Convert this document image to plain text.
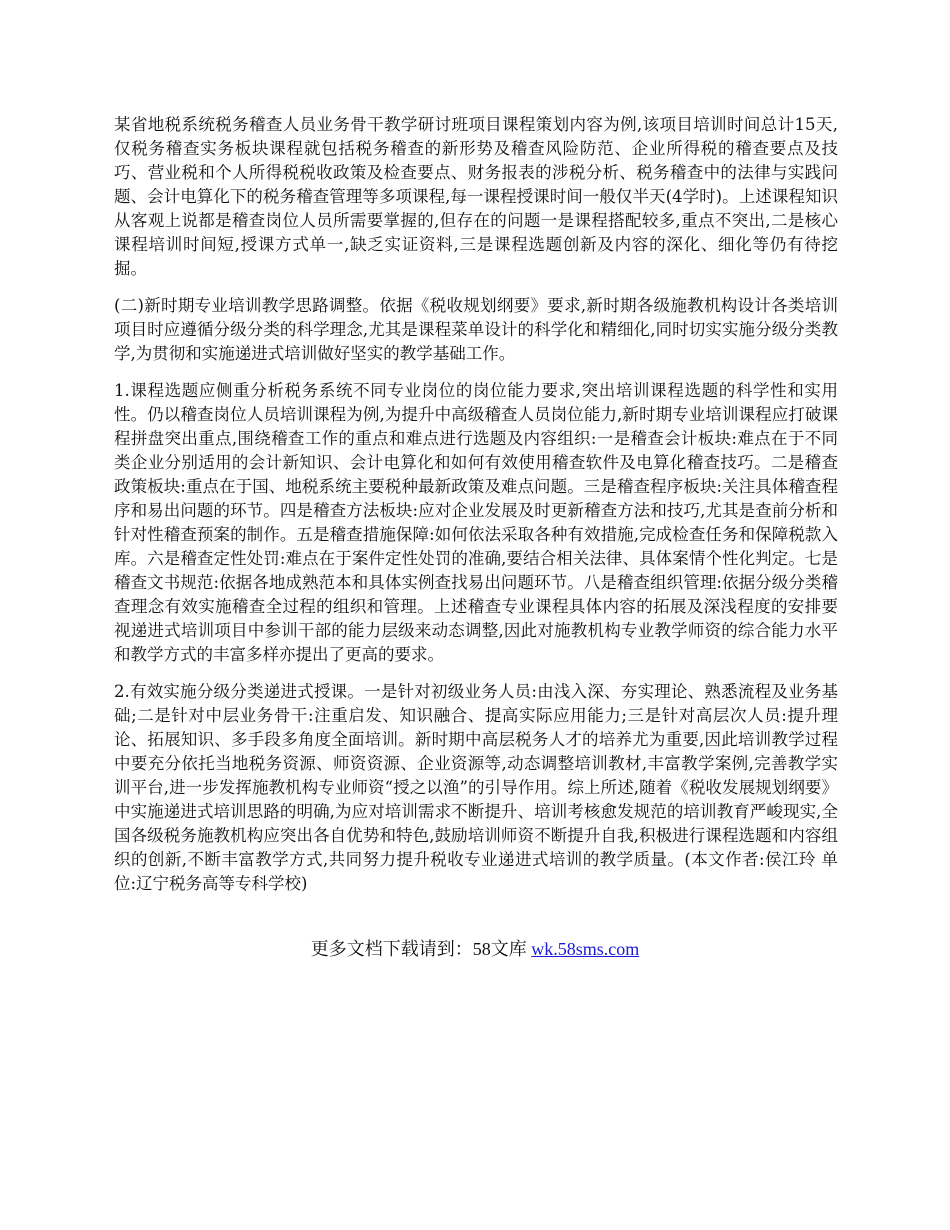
某省地税系统税务稽查人员业务骨干教学研讨班项目课程策划内容为例,该项目培训时间总计15天,仅税务稽查实务板块课程就包括税务稽查的新形势及稽查风险防范、企业所得税的稽查要点及技巧、营业税和个人所得税税收政策及检查要点、财务报表的涉税分析、税务稽查中的法律与实践问题、会计电算化下的税务稽查管理等多项课程,每一课程授课时间一般仅半天(4学时)。上述课程知识从客观上说都是稽查岗位人员所需要掌握的,但存在的问题一是课程搭配较多,重点不突出,二是核心课程培训时间短,授课方式单一,缺乏实证资料,三是课程选题创新及内容的深化、细化等仍有待挖掘。

(二)新时期专业培训教学思路调整。依据《税收规划纲要》要求,新时期各级施教机构设计各类培训项目时应遵循分级分类的科学理念,尤其是课程菜单设计的科学化和精细化,同时切实实施分级分类教学,为贯彻和实施递进式培训做好坚实的教学基础工作。

1.课程选题应侧重分析税务系统不同专业岗位的岗位能力要求,突出培训课程选题的科学性和实用性。仍以稽查岗位人员培训课程为例,为提升中高级稽查人员岗位能力,新时期专业培训课程应打破课程拼盘突出重点,围绕稽查工作的重点和难点进行选题及内容组织:一是稽查会计板块:难点在于不同类企业分别适用的会计新知识、会计电算化和如何有效使用稽查软件及电算化稽查技巧。二是稽查政策板块:重点在于国、地税系统主要税种最新政策及难点问题。三是稽查程序板块:关注具体稽查程序和易出问题的环节。四是稽查方法板块:应对企业发展及时更新稽查方法和技巧,尤其是查前分析和针对性稽查预案的制作。五是稽查措施保障:如何依法采取各种有效措施,完成检查任务和保障税款入库。六是稽查定性处罚:难点在于案件定性处罚的准确,要结合相关法律、具体案情个性化判定。七是稽查文书规范:依据各地成熟范本和具体实例查找易出问题环节。八是稽查组织管理:依据分级分类稽查理念有效实施稽查全过程的组织和管理。上述稽查专业课程具体内容的拓展及深浅程度的安排要视递进式培训项目中参训干部的能力层级来动态调整,因此对施教机构专业教学师资的综合能力水平和教学方式的丰富多样亦提出了更高的要求。

2.有效实施分级分类递进式授课。一是针对初级业务人员:由浅入深、夯实理论、熟悉流程及业务基础;二是针对中层业务骨干:注重启发、知识融合、提高实际应用能力;三是针对高层次人员:提升理论、拓展知识、多手段多角度全面培训。新时期中高层税务人才的培养尤为重要,因此培训教学过程中要充分依托当地税务资源、师资资源、企业资源等,动态调整培训教材,丰富教学案例,完善教学实训平台,进一步发挥施教机构专业师资“授之以渔”的引导作用。综上所述,随着《税收发展规划纲要》中实施递进式培训思路的明确,为应对培训需求不断提升、培训考核愈发规范的培训教育严峻现实,全国各级税务施教机构应突出各自优势和特色,鼓励培训师资不断提升自我,积极进行课程选题和内容组织的创新,不断丰富教学方式,共同努力提升税收专业递进式培训的教学质量。(本文作者:侯江玲 单位:辽宁税务高等专科学校)

更多文档下载请到：58文库 wk.58sms.com
